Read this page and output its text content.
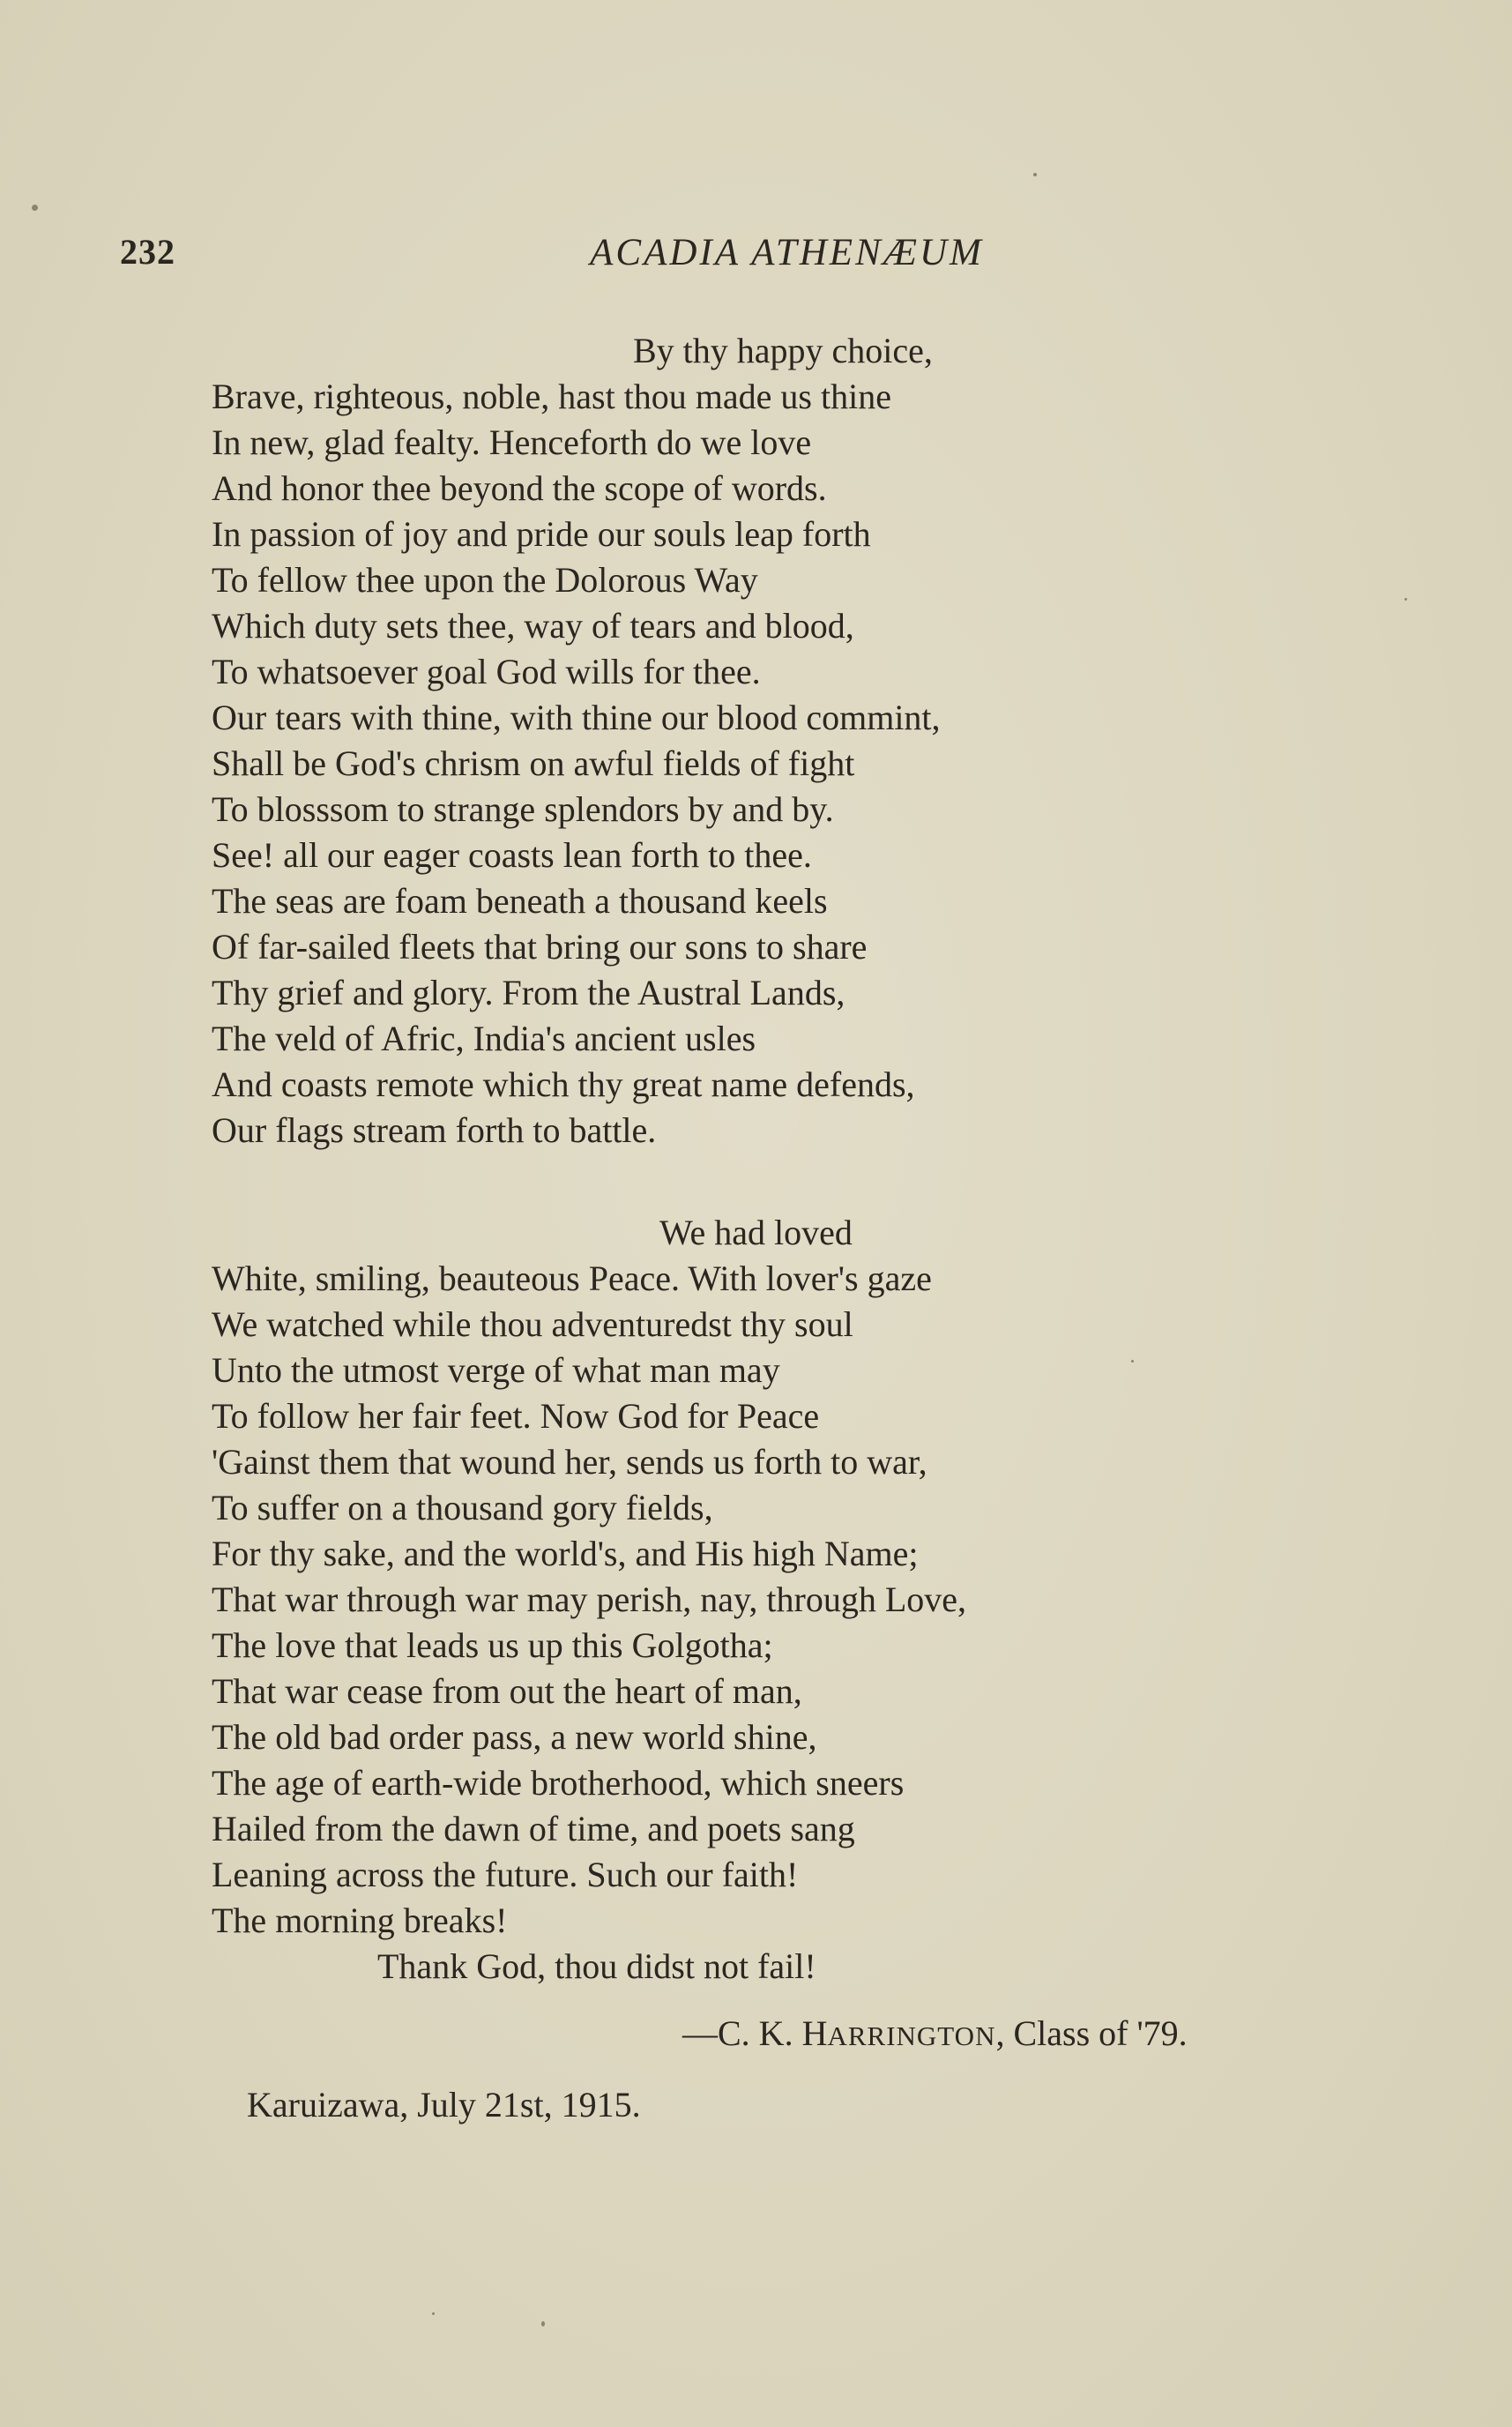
232	ACADIA ATHENÆUM
By thy happy choice,
Brave, righteous, noble, hast thou made us thine
In new, glad fealty. Henceforth do we love
And honor thee beyond the scope of words.
In passion of joy and pride our souls leap forth
To fellow thee upon the Dolorous Way
Which duty sets thee, way of tears and blood,
To whatsoever goal God wills for thee.
Our tears with thine, with thine our blood commint,
Shall be God's chrism on awful fields of fight
To blosssom to strange splendors by and by.
See! all our eager coasts lean forth to thee.
The seas are foam beneath a thousand keels
Of far-sailed fleets that bring our sons to share
Thy grief and glory. From the Austral Lands,
The veld of Afric, India's ancient usles
And coasts remote which thy great name defends,
Our flags stream forth to battle.
We had loved
White, smiling, beauteous Peace. With lover's gaze
We watched while thou adventuredst thy soul
Unto the utmost verge of what man may
To follow her fair feet. Now God for Peace
'Gainst them that wound her, sends us forth to war,
To suffer on a thousand gory fields,
For thy sake, and the world's, and His high Name;
That war through war may perish, nay, through Love,
The love that leads us up this Golgotha;
That war cease from out the heart of man,
The old bad order pass, a new world shine,
The age of earth-wide brotherhood, which sneers
Hailed from the dawn of time, and poets sang
Leaning across the future. Such our faith!
The morning breaks!
Thank God, thou didst not fail!
—C. K. HARRINGTON, Class of '79.
Karuizawa, July 21st, 1915.
